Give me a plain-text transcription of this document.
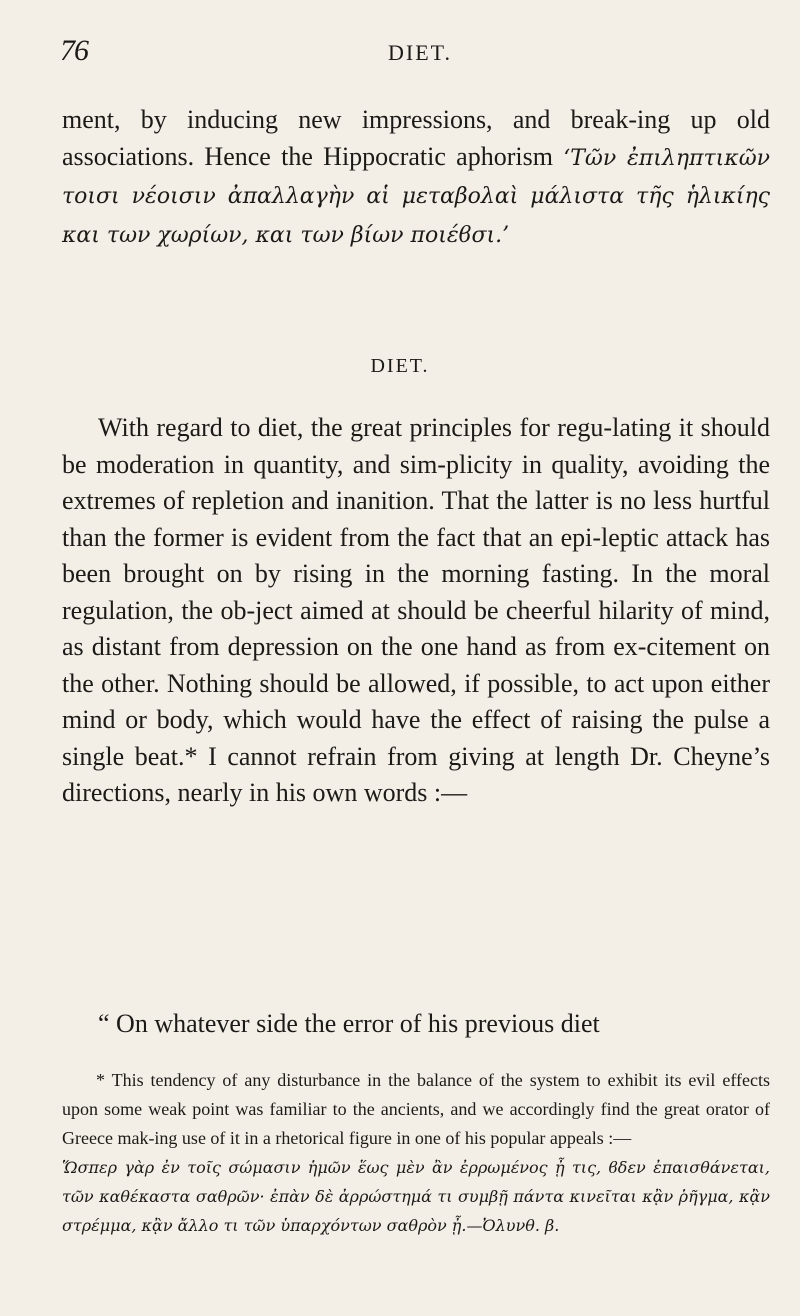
76	DIET.
ment, by inducing new impressions, and break-ing up old associations. Hence the Hippocratic aphorism ‘Τῶν ἐπιληπτικῶν τοισι νέοισιν ἀπαλλαγὴν αἱ μεταβολαὶ μάλιστα τῆς ἡλικίης και των χωρίων, και των βίων ποιέϐσι.’
DIET.
With regard to diet, the great principles for regu-lating it should be moderation in quantity, and sim-plicity in quality, avoiding the extremes of repletion and inanition. That the latter is no less hurtful than the former is evident from the fact that an epi-leptic attack has been brought on by rising in the morning fasting. In the moral regulation, the ob-ject aimed at should be cheerful hilarity of mind, as distant from depression on the one hand as from ex-citement on the other. Nothing should be allowed, if possible, to act upon either mind or body, which would have the effect of raising the pulse a single beat.* I cannot refrain from giving at length Dr. Cheyne’s directions, nearly in his own words :—
“ On whatever side the error of his previous diet
* This tendency of any disturbance in the balance of the system to exhibit its evil effects upon some weak point was familiar to the ancients, and we accordingly find the great orator of Greece mak-ing use of it in a rhetorical figure in one of his popular appeals :—
Ὥσπερ γὰρ ἐν τοῖς σώμασιν ἡμῶν ἕως μὲν ἂν ἐρρωμένος ᾖ τις, ϐδεν ἐπαισθάνεται, τῶν καθέκαστα σαθρῶν· ἐπὰν δὲ ἀρρώστημά τι συμβῇ πάντα κινεῖται κᾂν ῥῆγμα, κᾂν στρέμμα, κᾂν ἄλλο τι τῶν ὑπαρχόντων σαθρὸν ᾖ.—Ὀλυνθ. β.
